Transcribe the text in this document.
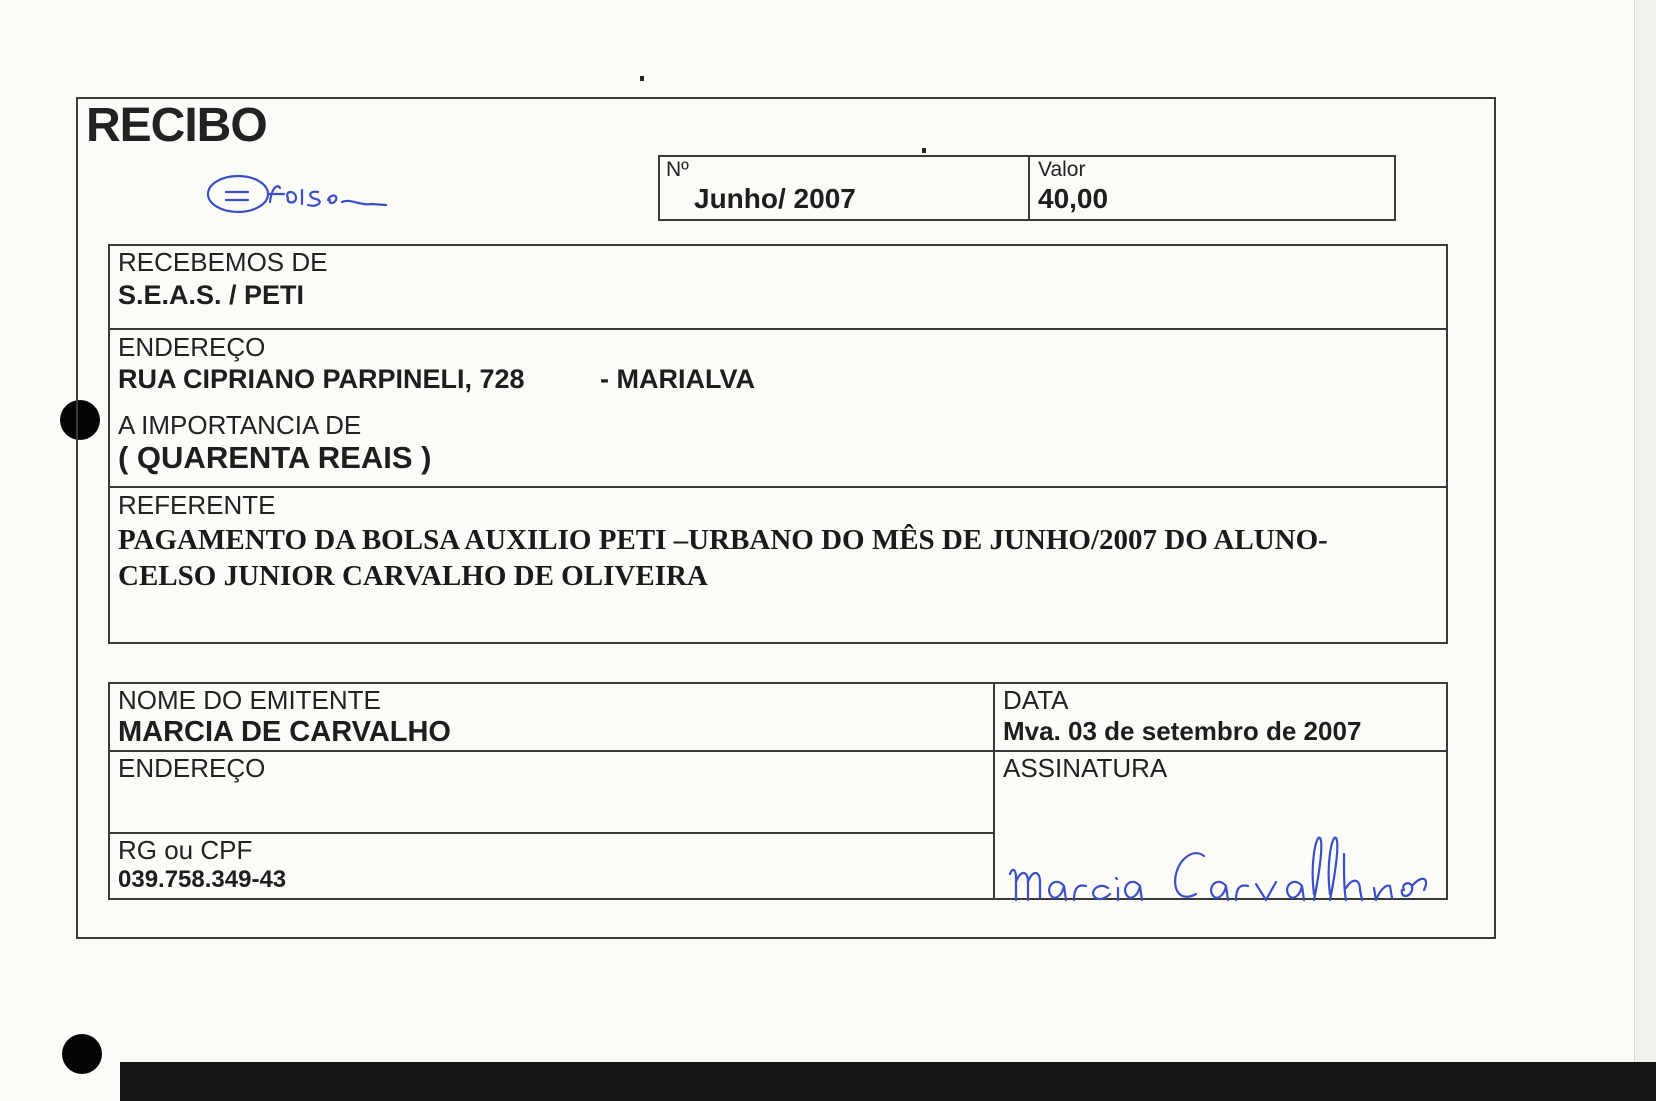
RECIBO
Nº
Junho/ 2007
Valor
40,00
RECEBEMOS DE
S.E.A.S. / PETI
ENDEREÇO
RUA CIPRIANO PARPINELI, 728	- MARIALVA
A IMPORTANCIA DE
( QUARENTA REAIS )
REFERENTE
PAGAMENTO DA BOLSA AUXILIO PETI –URBANO DO MÊS DE JUNHO/2007 DO ALUNO-
CELSO JUNIOR CARVALHO DE OLIVEIRA
NOME DO EMITENTE
MARCIA DE CARVALHO
DATA
Mva. 03 de setembro de 2007
ENDEREÇO	ASSINATURA
RG ou CPF
039.758.349-43
